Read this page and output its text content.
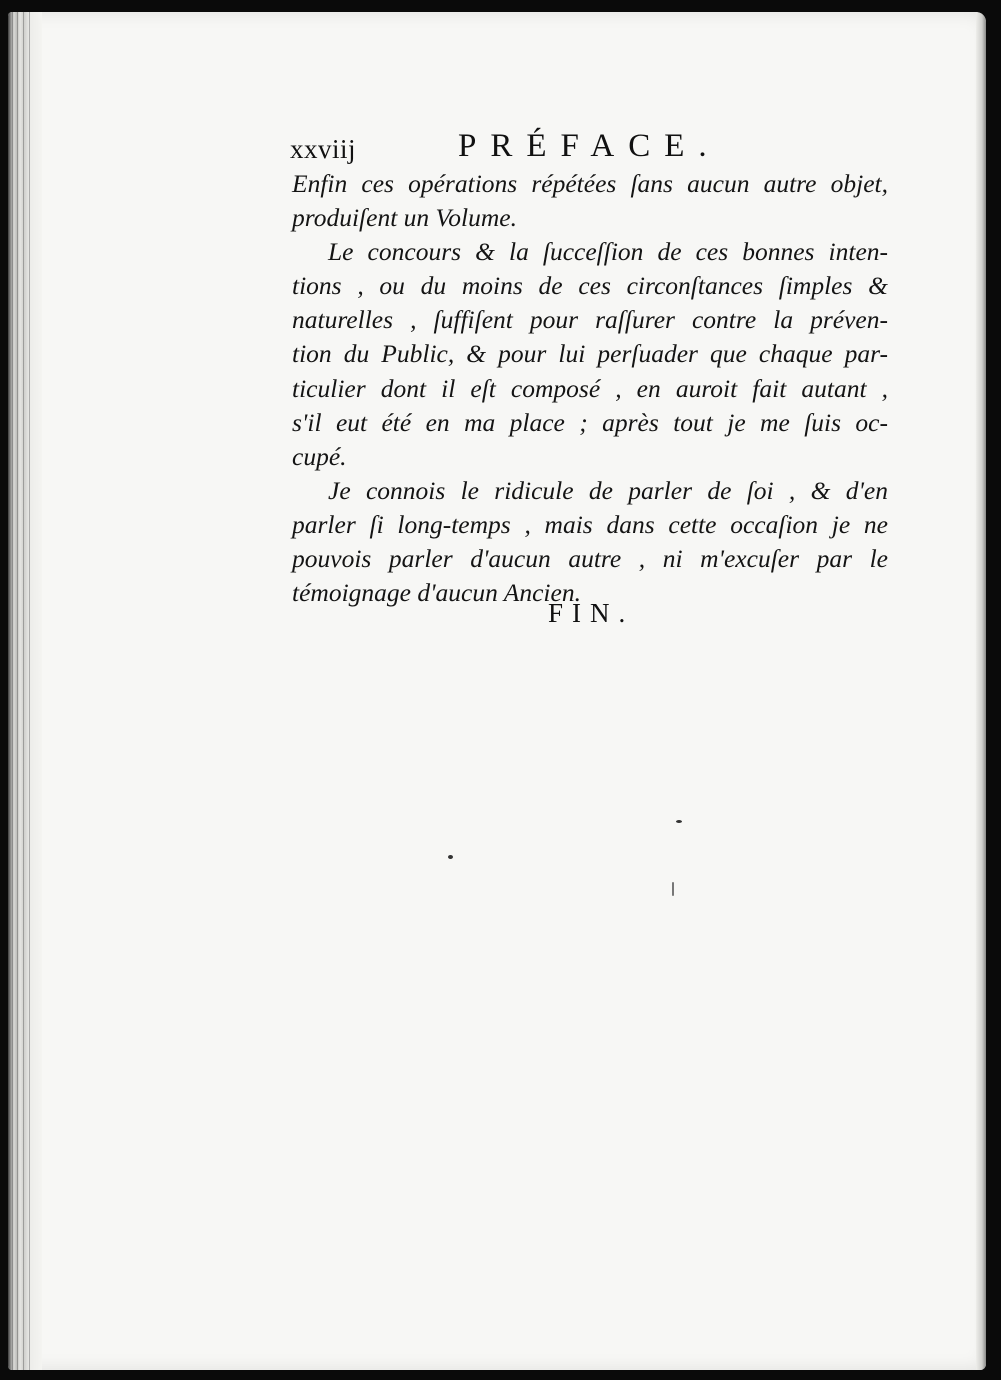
xxviij	PRÉFACE.
Enfin ces opérations répétées ſans aucun autre objet,
produiſent un Volume.
Le concours & la ſucceſſion de ces bonnes inten-
tions , ou du moins de ces circonſtances ſimples &
naturelles , ſuffiſent pour raſſurer contre la préven-
tion du Public, & pour lui perſuader que chaque par-
ticulier dont il eſt composé , en auroit fait autant ,
s'il eut été en ma place ; après tout je me ſuis oc-
cupé.
Je connois le ridicule de parler de ſoi , & d'en
parler ſi long-temps , mais dans cette occaſion je ne
pouvois parler d'aucun autre , ni m'excuſer par le
témoignage d'aucun Ancien.
FIN.
